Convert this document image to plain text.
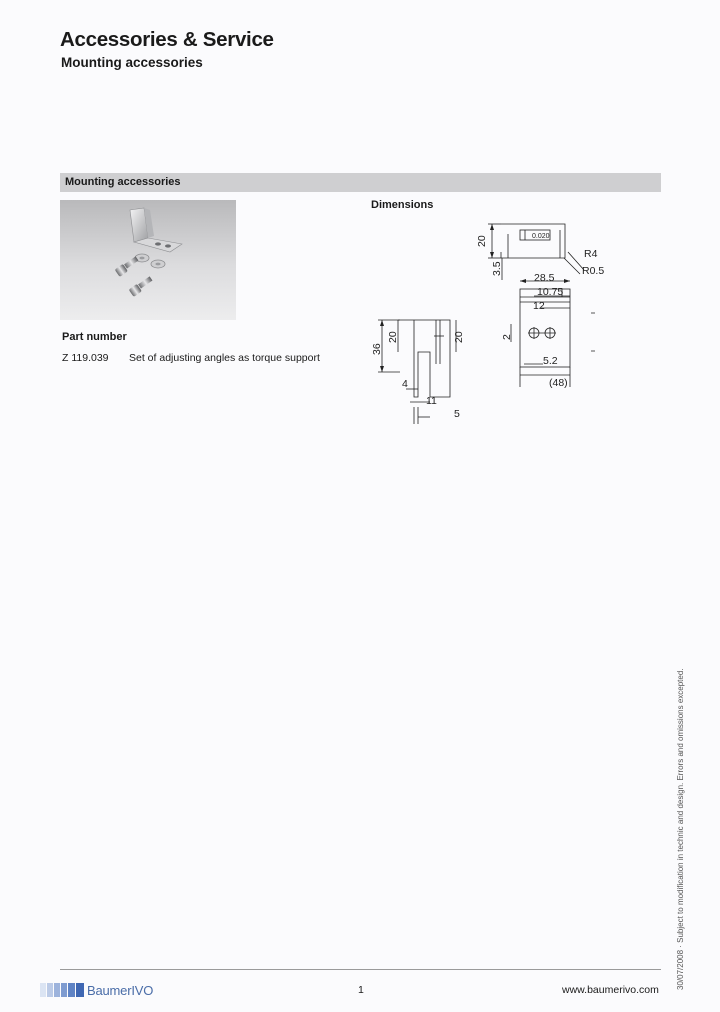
Accessories & Service
Mounting accessories
Mounting accessories
Part number
Z 119.039 Set of adjusting angles as torque support
Dimensions
20	0.020
R4
R0.5
3.5
28.5
10.75
12
2
5.2
(48)
36
20	20
4
11
5
30/07/2008 · Subject to modification in technic and design. Errors and omissions excepted.
BaumerIVO	1	www.baumerivo.com
